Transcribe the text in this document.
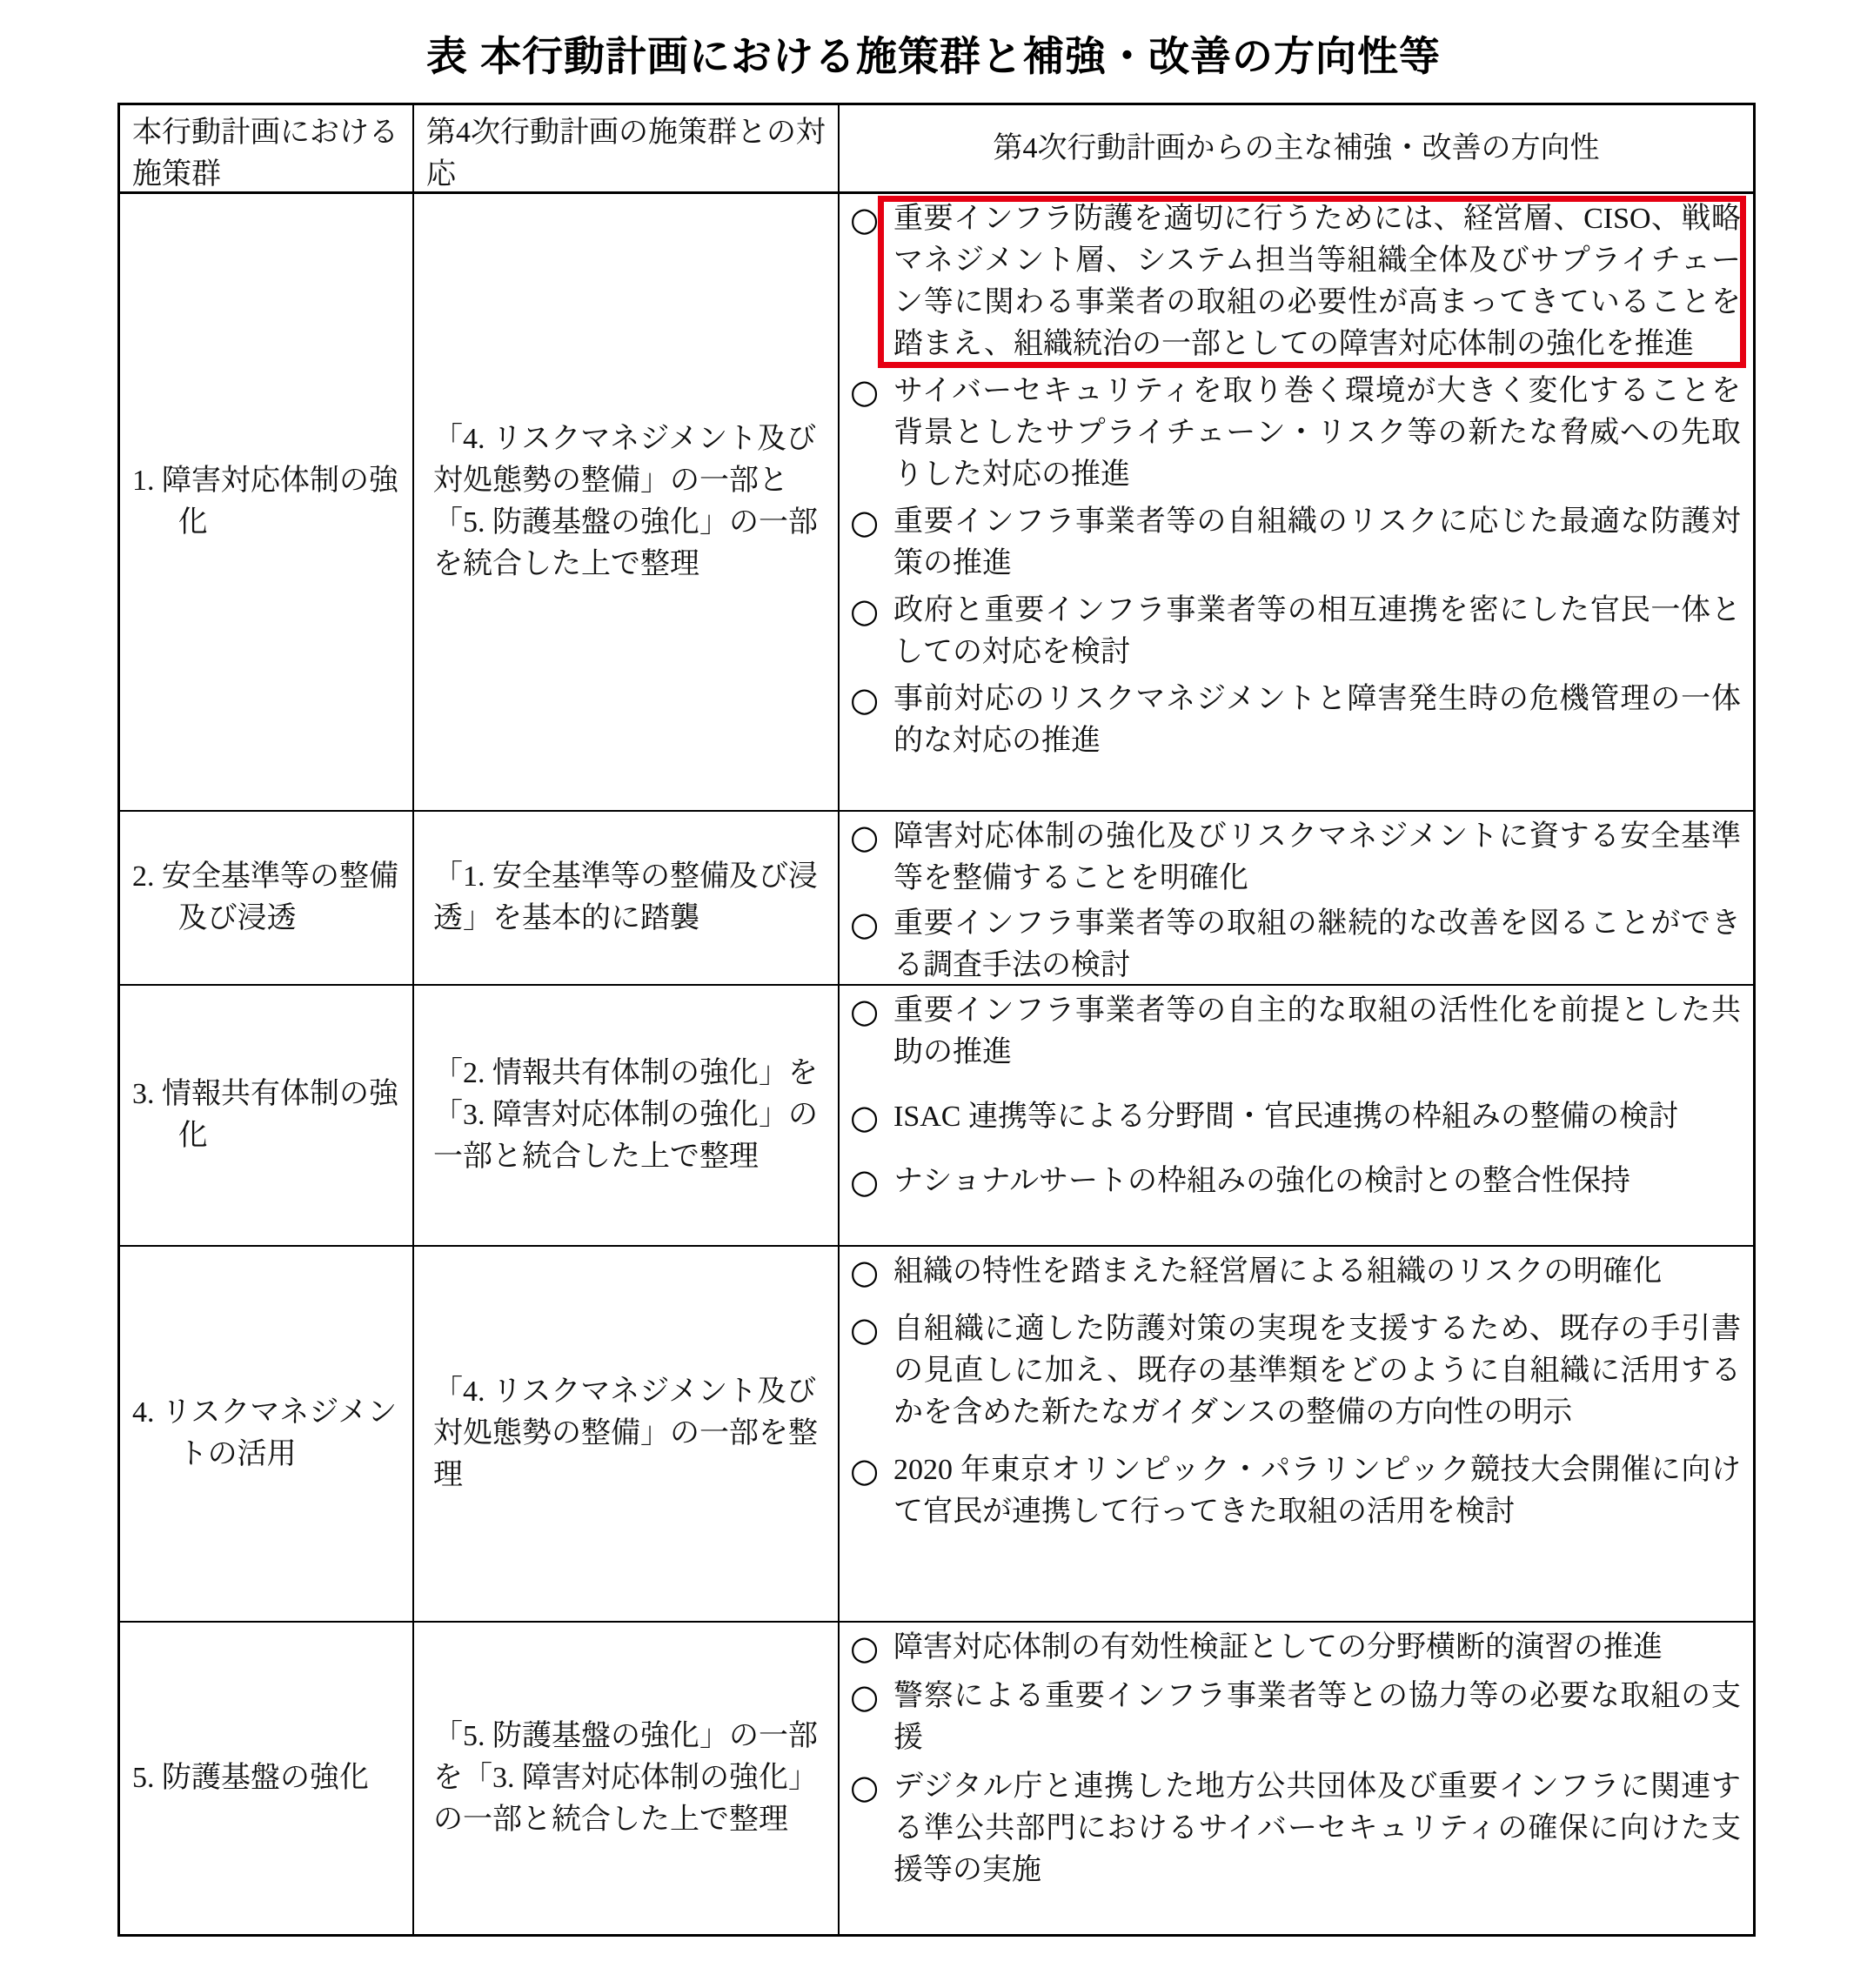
表 本行動計画における施策群と補強・改善の方向性等
本行動計画における施策群
第4次行動計画の施策群との対応
第4次行動計画からの主な補強・改善の方向性
1. 障害対応体制の強化
「4. リスクマネジメント及び対処態勢の整備」の一部と「5. 防護基盤の強化」の一部を統合した上で整理
○ 重要インフラ防護を適切に行うためには、経営層、CISO、戦略マネジメント層、システム担当等組織全体及びサプライチェーン等に関わる事業者の取組の必要性が高まってきていることを踏まえ、組織統治の一部としての障害対応体制の強化を推進
○ サイバーセキュリティを取り巻く環境が大きく変化することを背景としたサプライチェーン・リスク等の新たな脅威への先取りした対応の推進
○ 重要インフラ事業者等の自組織のリスクに応じた最適な防護対策の推進
○ 政府と重要インフラ事業者等の相互連携を密にした官民一体としての対応を検討
○ 事前対応のリスクマネジメントと障害発生時の危機管理の一体的な対応の推進
2. 安全基準等の整備及び浸透
「1. 安全基準等の整備及び浸透」を基本的に踏襲
○ 障害対応体制の強化及びリスクマネジメントに資する安全基準等を整備することを明確化
○ 重要インフラ事業者等の取組の継続的な改善を図ることができる調査手法の検討
3. 情報共有体制の強化
「2. 情報共有体制の強化」を「3. 障害対応体制の強化」の一部と統合した上で整理
○ 重要インフラ事業者等の自主的な取組の活性化を前提とした共助の推進
○ ISAC 連携等による分野間・官民連携の枠組みの整備の検討
○ ナショナルサートの枠組みの強化の検討との整合性保持
4. リスクマネジメントの活用
「4. リスクマネジメント及び対処態勢の整備」の一部を整理
○ 組織の特性を踏まえた経営層による組織のリスクの明確化
○ 自組織に適した防護対策の実現を支援するため、既存の手引書の見直しに加え、既存の基準類をどのように自組織に活用するかを含めた新たなガイダンスの整備の方向性の明示
○ 2020 年東京オリンピック・パラリンピック競技大会開催に向けて官民が連携して行ってきた取組の活用を検討
5. 防護基盤の強化
「5. 防護基盤の強化」の一部を「3. 障害対応体制の強化」の一部と統合した上で整理
○ 障害対応体制の有効性検証としての分野横断的演習の推進
○ 警察による重要インフラ事業者等との協力等の必要な取組の支援
○ デジタル庁と連携した地方公共団体及び重要インフラに関連する準公共部門におけるサイバーセキュリティの確保に向けた支援等の実施
